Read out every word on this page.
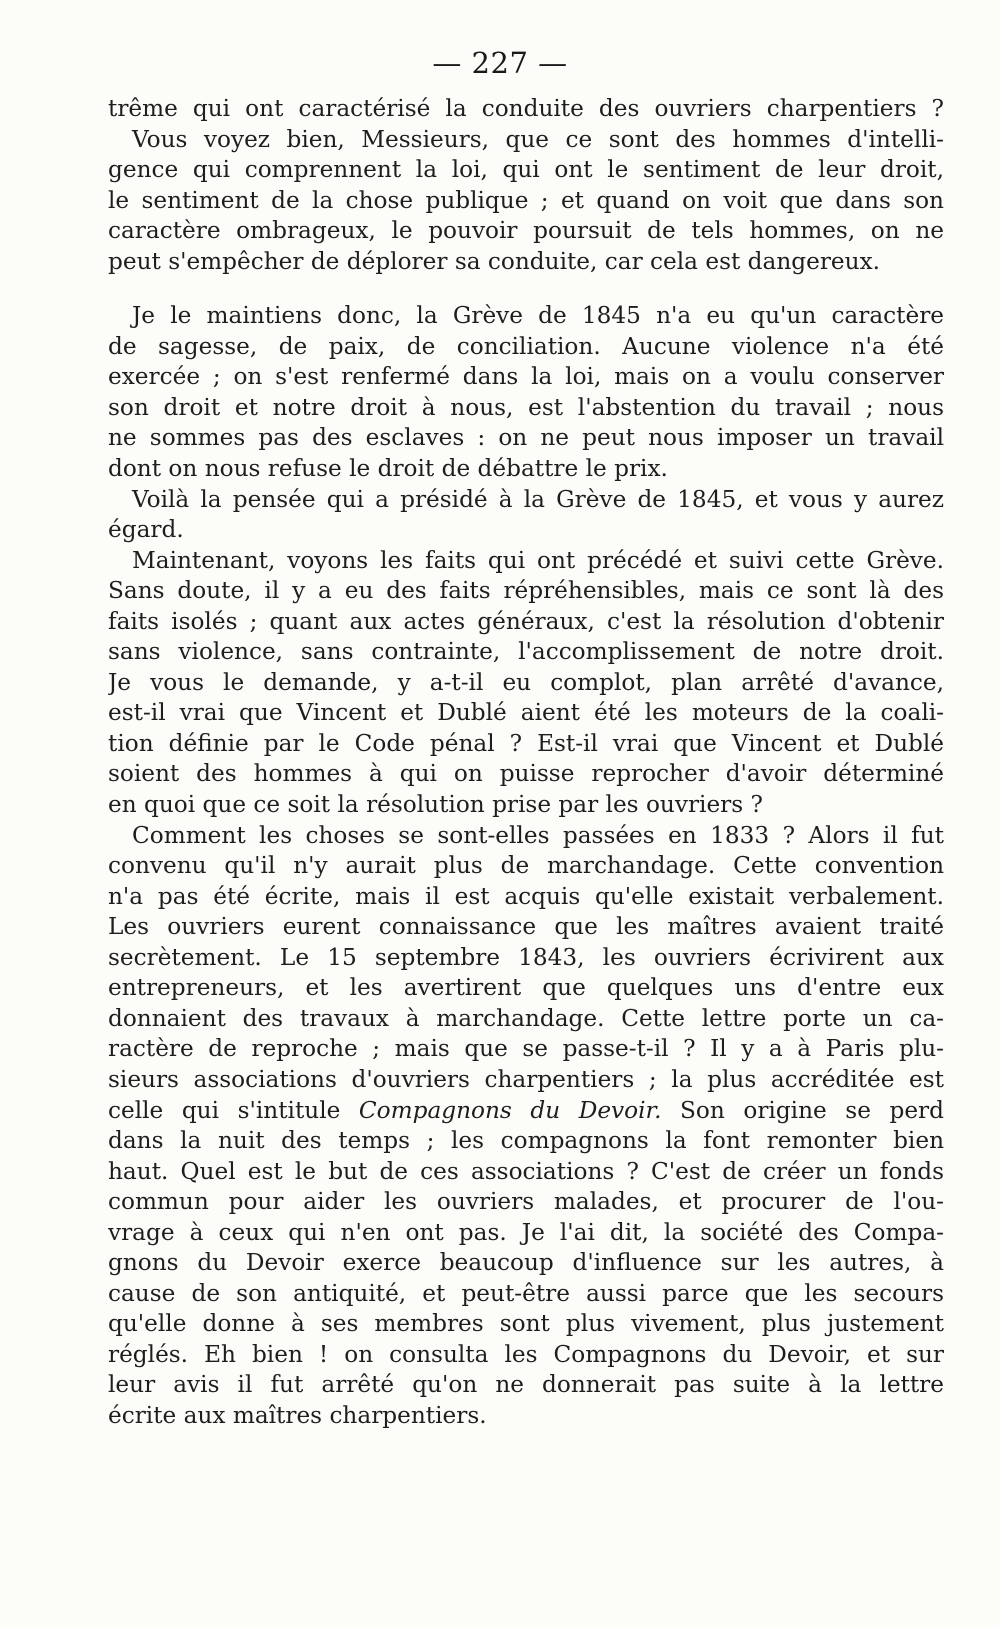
— 227 —
trême qui ont caractérisé la conduite des ouvriers charpentiers ?
Vous voyez bien, Messieurs, que ce sont des hommes d'intelli-
gence qui comprennent la loi, qui ont le sentiment de leur droit,
le sentiment de la chose publique ; et quand on voit que dans son
caractère ombrageux, le pouvoir poursuit de tels hommes, on ne
peut s'empêcher de déplorer sa conduite, car cela est dangereux.
Je le maintiens donc, la Grève de 1845 n'a eu qu'un caractère
de sagesse, de paix, de conciliation. Aucune violence n'a été
exercée ; on s'est renfermé dans la loi, mais on a voulu conserver
son droit et notre droit à nous, est l'abstention du travail ; nous
ne sommes pas des esclaves : on ne peut nous imposer un travail
dont on nous refuse le droit de débattre le prix.
Voilà la pensée qui a présidé à la Grève de 1845, et vous y aurez
égard.
Maintenant, voyons les faits qui ont précédé et suivi cette Grève.
Sans doute, il y a eu des faits répréhensibles, mais ce sont là des
faits isolés ; quant aux actes généraux, c'est la résolution d'obtenir
sans violence, sans contrainte, l'accomplissement de notre droit.
Je vous le demande, y a-t-il eu complot, plan arrêté d'avance,
est-il vrai que Vincent et Dublé aient été les moteurs de la coali-
tion définie par le Code pénal ? Est-il vrai que Vincent et Dublé
soient des hommes à qui on puisse reprocher d'avoir déterminé
en quoi que ce soit la résolution prise par les ouvriers ?
Comment les choses se sont-elles passées en 1833 ? Alors il fut
convenu qu'il n'y aurait plus de marchandage. Cette convention
n'a pas été écrite, mais il est acquis qu'elle existait verbalement.
Les ouvriers eurent connaissance que les maîtres avaient traité
secrètement. Le 15 septembre 1843, les ouvriers écrivirent aux
entrepreneurs, et les avertirent que quelques uns d'entre eux
donnaient des travaux à marchandage. Cette lettre porte un ca-
ractère de reproche ; mais que se passe-t-il ? Il y a à Paris plu-
sieurs associations d'ouvriers charpentiers ; la plus accréditée est
celle qui s'intitule Compagnons du Devoir. Son origine se perd
dans la nuit des temps ; les compagnons la font remonter bien
haut. Quel est le but de ces associations ? C'est de créer un fonds
commun pour aider les ouvriers malades, et procurer de l'ou-
vrage à ceux qui n'en ont pas. Je l'ai dit, la société des Compa-
gnons du Devoir exerce beaucoup d'influence sur les autres, à
cause de son antiquité, et peut-être aussi parce que les secours
qu'elle donne à ses membres sont plus vivement, plus justement
réglés. Eh bien ! on consulta les Compagnons du Devoir, et sur
leur avis il fut arrêté qu'on ne donnerait pas suite à la lettre
écrite aux maîtres charpentiers.
